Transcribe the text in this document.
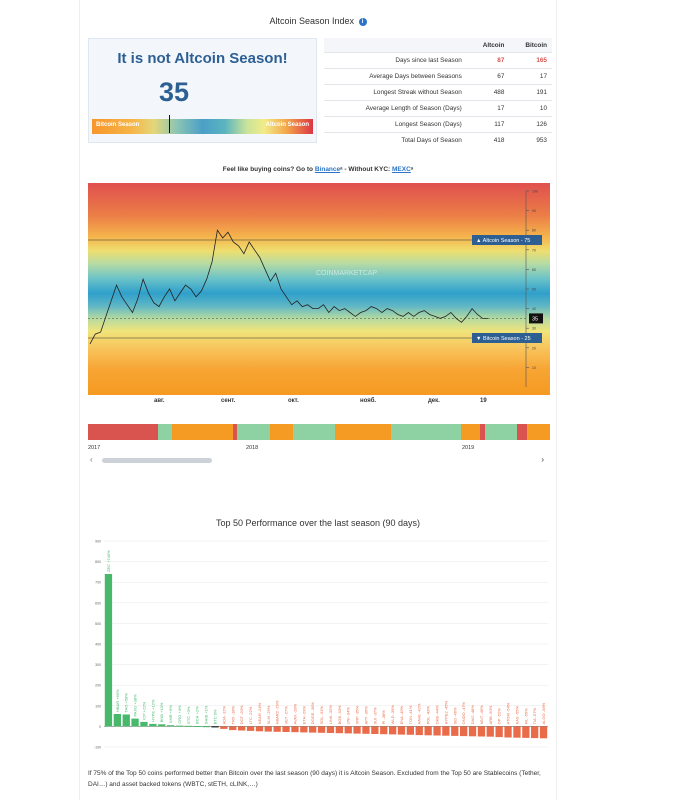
Altcoin Season Index i
It is not Altcoin Season!
35
Bitcoin Season	Altcoin Season
	Altcoin	Bitcoin
Days since last Season	87	165
Average Days between Seasons	67	17
Longest Streak without Season	488	191
Average Length of Season (Days)	17	10
Longest Season (Days)	117	126
Total Days of Season	418	953
Feel like buying coins? Go to Binanceᵃ - Without KYC: MEXCᵃ
100
90
80
70
60
50
40
30
20
10
COINMARKETCAP
▲ Altcoin Season - 75
▼ Bitcoin Season - 25
35
авг.	сент.	окт.	нояб.	дек.	19
2017	2018	2019
‹	›
Top 50 Performance over the last season (90 days)
900
800
700
600
500
400
300
200
100
0
-100
ZEC +740%
HBAR +60% TAO +58% PAXG +38% ICP +22% HYPE +12% BNB +10% XMR +6% CRO +4% ETC +3% BCH +2% SHIB +1% BTC 0% ADA -12% TRX -18% DOT -20% LTC -22% NEAR -24% XLM -25% HBAR2 -26% VET -27% AVAX -28% ETH -29% DOGE -30% SOL -31% LINK -32% BGB -33% UNI -34% XRP -35% APT -36% SUI -37% PI -38% WLD -39% ENA -40% TON -41% AAVE -42% POL -43% OKB -44% HYPE2 -45% SEI -46% ONDO -47% DAI2 -48% MNT -49% ARB -50% OP -52% ATOM -54% KAS -55% FIL -56% TIA -57% ALGO -58%
If 75% of the Top 50 coins performed better than Bitcoin over the last season (90 days) it is Altcoin Season. Excluded from the Top 50 are Stablecoins (Tether, DAI…) and asset backed tokens (WBTC, stETH, cLINK,…)
